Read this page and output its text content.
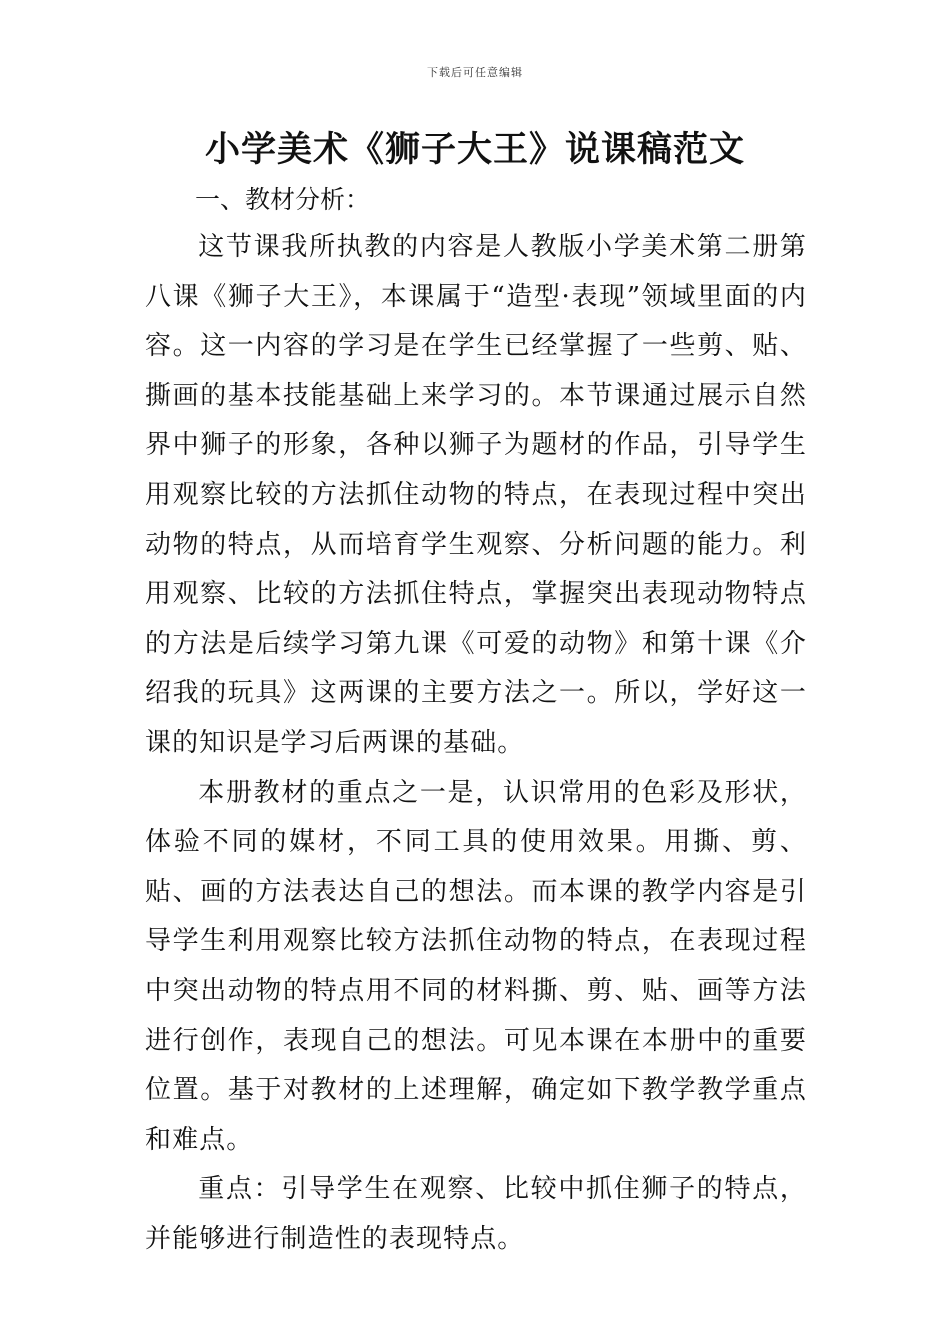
下载后可任意编辑
小学美术《狮子大王》说课稿范文
一、教材分析：

这节课我所执教的内容是人教版小学美术第二册第八课《狮子大王》，本课属于“造型·表现”领域里面的内容。这一内容的学习是在学生已经掌握了一些剪、贴、撕画的基本技能基础上来学习的。本节课通过展示自然界中狮子的形象，各种以狮子为题材的作品，引导学生用观察比较的方法抓住动物的特点，在表现过程中突出动物的特点，从而培育学生观察、分析问题的能力。利用观察、比较的方法抓住特点，掌握突出表现动物特点的方法是后续学习第九课《可爱的动物》和第十课《介绍我的玩具》这两课的主要方法之一。所以，学好这一课的知识是学习后两课的基础。

本册教材的重点之一是，认识常用的色彩及形状，体验不同的媒材，不同工具的使用效果。用撕、剪、贴、画的方法表达自己的想法。而本课的教学内容是引导学生利用观察比较方法抓住动物的特点，在表现过程中突出动物的特点用不同的材料撕、剪、贴、画等方法进行创作，表现自己的想法。可见本课在本册中的重要位置。基于对教材的上述理解，确定如下教学教学重点和难点。

重点：引导学生在观察、比较中抓住狮子的特点，并能够进行制造性的表现特点。
